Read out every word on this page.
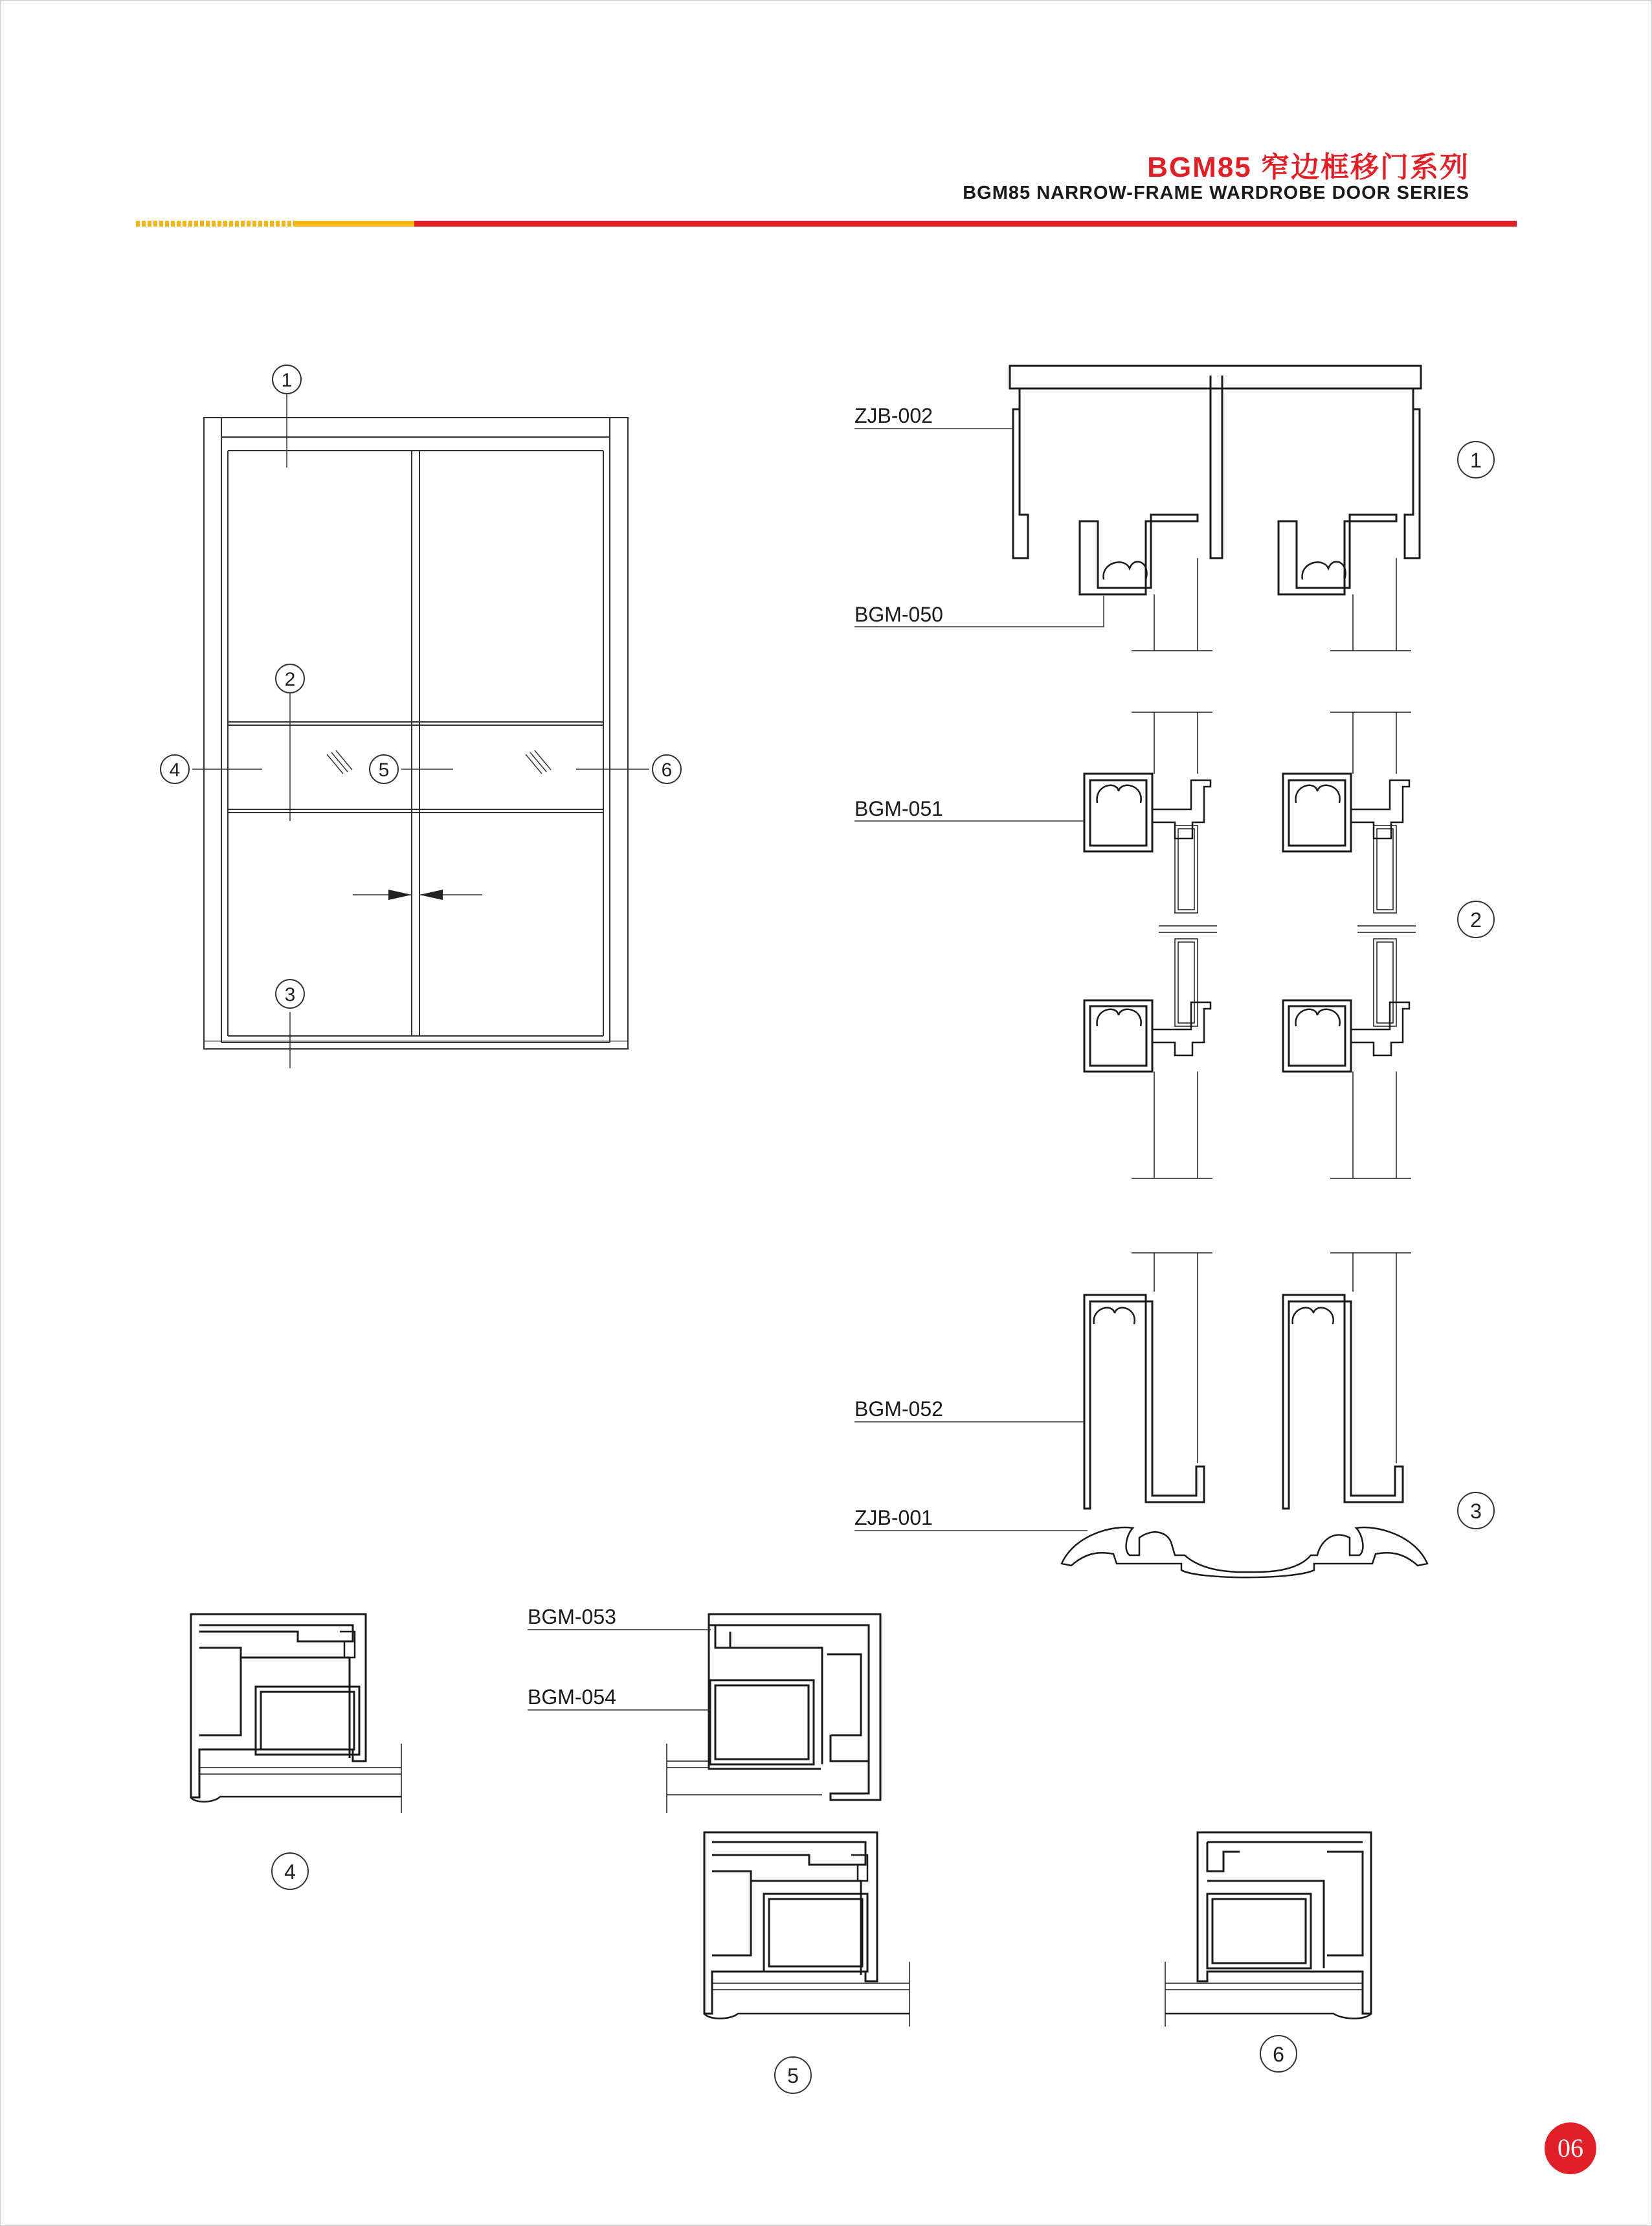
BGM85 窄边框移门系列
BGM85 NARROW-FRAME WARDROBE DOOR SERIES
1
2
3
4	5	6
ZJB-002
BGM-050
1
BGM-051
2
BGM-052
ZJB-001	3
4
BGM-053
BGM-054
5
6
06
